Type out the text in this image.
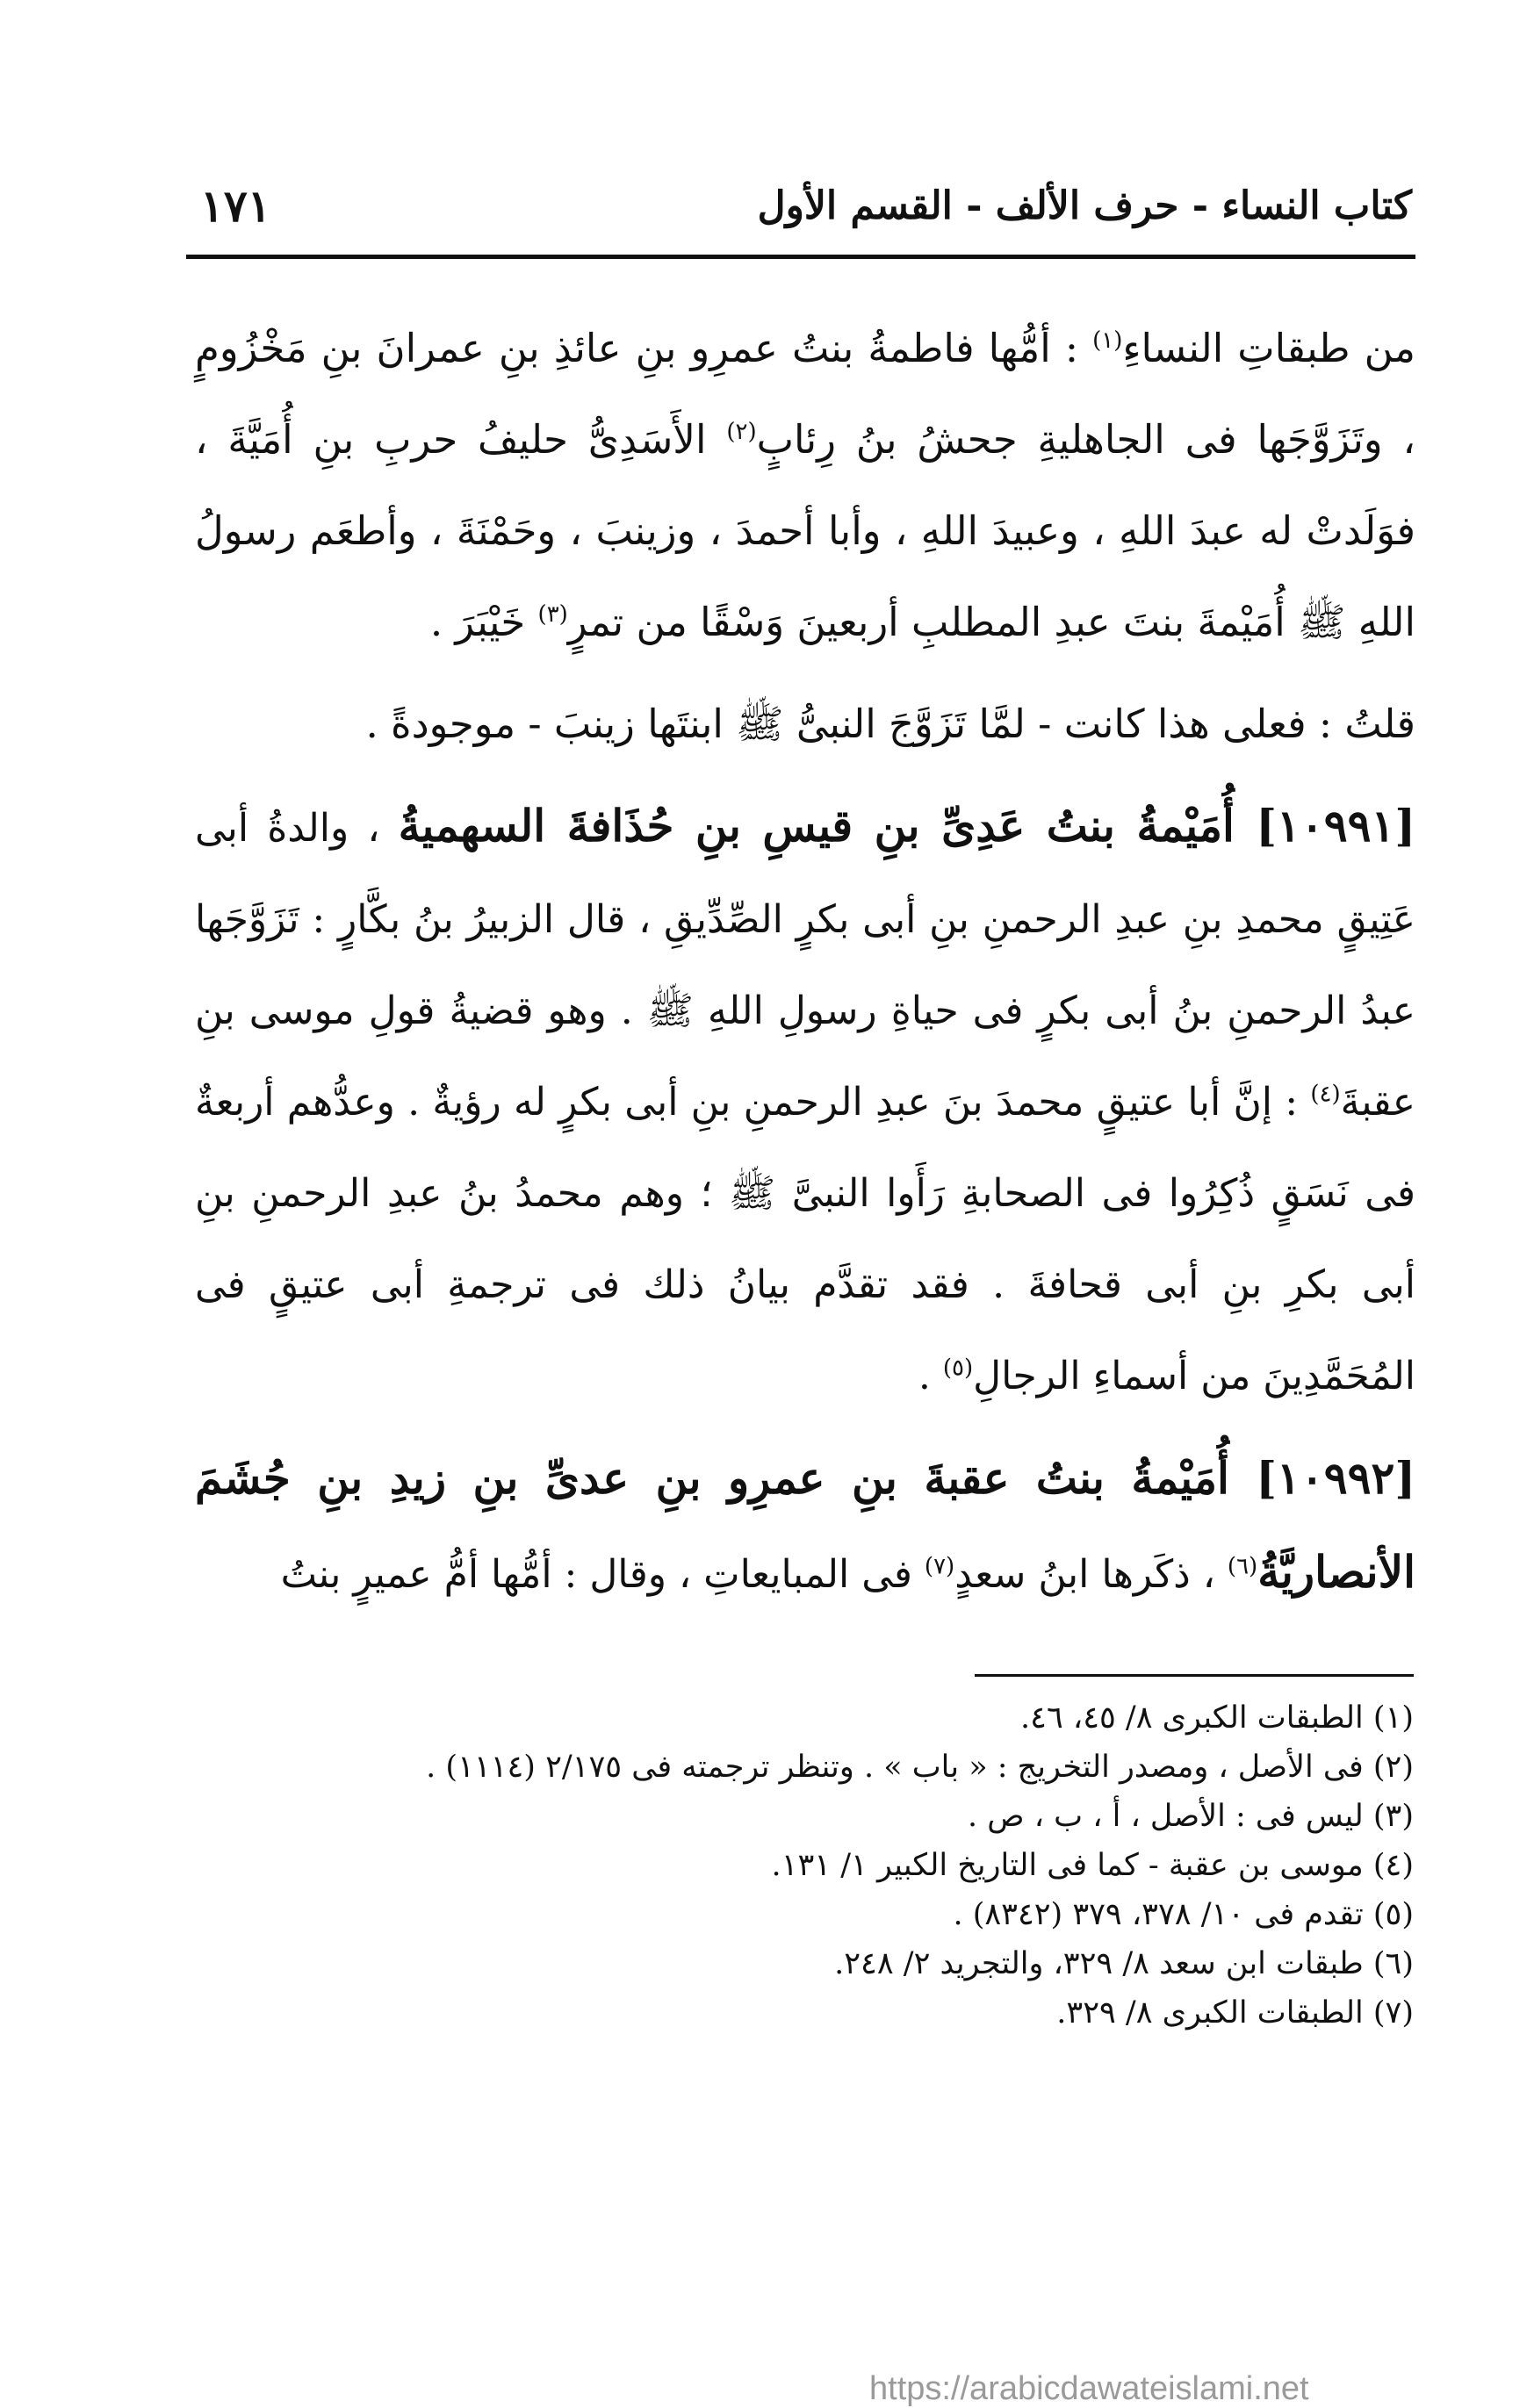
١٧١	كتاب النساء - حرف الألف - القسم الأول

من طبقاتِ النساءِ$^{(١)}$ : أمُّها فاطمةُ بنتُ عمرِو بنِ عائذِ بنِ عمرانَ بنِ مَخْزُومٍ ، وتَزَوَّجَها فى الجاهليةِ جحشُ بنُ رِئابٍ$^{(٢)}$ الأَسَدِىُّ حليفُ حربِ بنِ أُمَيَّةَ ، فوَلَدتْ له عبدَ اللهِ ، وعبيدَ اللهِ ، وأبا أحمدَ ، وزينبَ ، وحَمْنَةَ ، وأطعَم رسولُ اللهِ ﷺ أُمَيْمةَ بنتَ عبدِ المطلبِ أربعينَ وَسْقًا من تمرٍ$^{(٣)}$ خَيْبَرَ .

قلتُ : فعلى هذا كانت - لمَّا تَزَوَّجَ النبىُّ ﷺ ابنتَها زينبَ - موجودةً .

[١٠٩٩١] أُمَيْمةُ بنتُ عَدِىِّ بنِ قيسِ بنِ حُذَافةَ السهميةُ ، والدةُ أبى عَتِيقٍ محمدِ بنِ عبدِ الرحمنِ بنِ أبى بكرٍ الصِّدِّيقِ ، قال الزبيرُ بنُ بكَّارٍ : تَزَوَّجَها عبدُ الرحمنِ بنُ أبى بكرٍ فى حياةِ رسولِ اللهِ ﷺ . وهو قضيةُ قولِ موسى بنِ عقبةَ$^{(٤)}$ : إنَّ أبا عتيقٍ محمدَ بنَ عبدِ الرحمنِ بنِ أبى بكرٍ له رؤيةٌ . وعدُّهم أربعةٌ فى نَسَقٍ ذُكِرُوا فى الصحابةِ رَأَوا النبىَّ ﷺ ؛ وهم محمدُ بنُ عبدِ الرحمنِ بنِ أبى بكرِ بنِ أبى قحافةَ . فقد تقدَّم بيانُ ذلك فى ترجمةِ أبى عتيقٍ فى المُحَمَّدِينَ من أسماءِ الرجالِ$^{(٥)}$ .

[١٠٩٩٢] أُمَيْمةُ بنتُ عقبةَ بنِ عمرِو بنِ عدىِّ بنِ زيدِ بنِ جُشَمَ الأنصاريَّةُ$^{(٦)}$ ، ذكَرها ابنُ سعدٍ$^{(٧)}$ فى المبايعاتِ ، وقال : أمُّها أمُّ عميرٍ بنتُ

(١) الطبقات الكبرى ٨/ ٤٥، ٤٦.
(٢) فى الأصل ، ومصدر التخريج : « باب » . وتنظر ترجمته فى ٢/١٧٥ (١١١٤) .
(٣) ليس فى : الأصل ، أ ، ب ، ص .
(٤) موسى بن عقبة - كما فى التاريخ الكبير ١/ ١٣١.
(٥) تقدم فى ١٠/ ٣٧٨، ٣٧٩ (٨٣٤٢) .
(٦) طبقات ابن سعد ٨/ ٣٢٩، والتجريد ٢/ ٢٤٨.
(٧) الطبقات الكبرى ٨/ ٣٢٩.
https://arabicdawateislami.net
